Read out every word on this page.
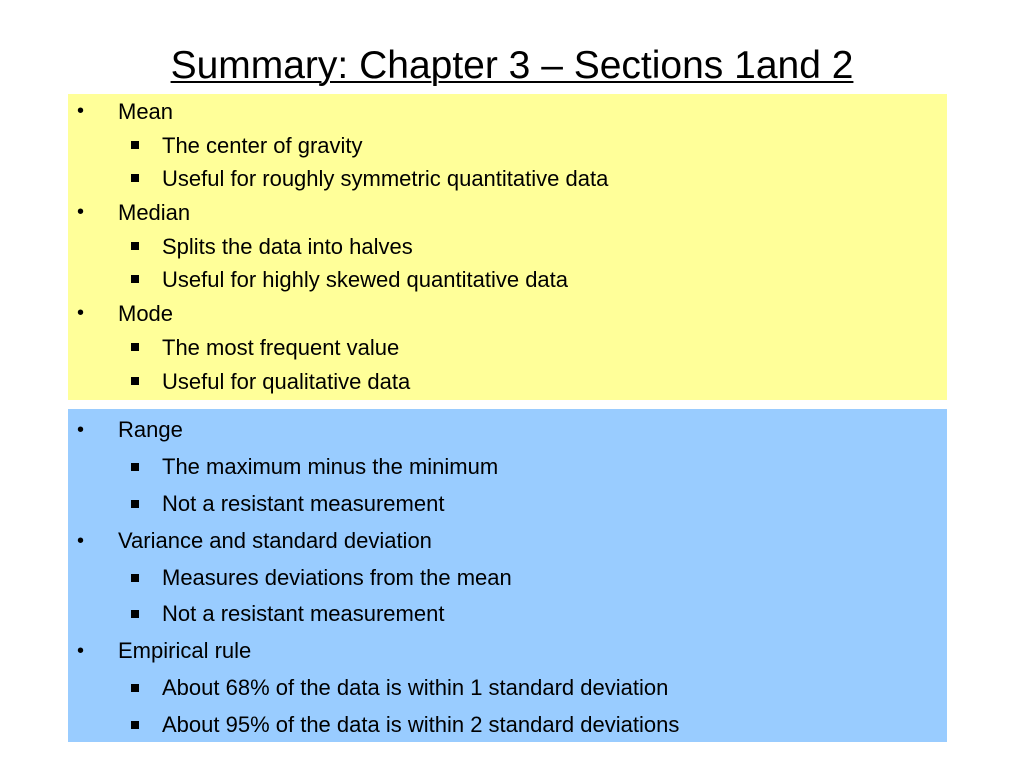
Summary: Chapter 3 – Sections 1and 2
• Mean
The center of gravity
Useful for roughly symmetric quantitative data
• Median
Splits the data into halves
Useful for highly skewed quantitative data
• Mode
The most frequent value
Useful for qualitative data
• Range
The maximum minus the minimum
Not a resistant measurement
• Variance and standard deviation
Measures deviations from the mean
Not a resistant measurement
• Empirical rule
About 68% of the data is within 1 standard deviation
About 95% of the data is within 2 standard deviations
